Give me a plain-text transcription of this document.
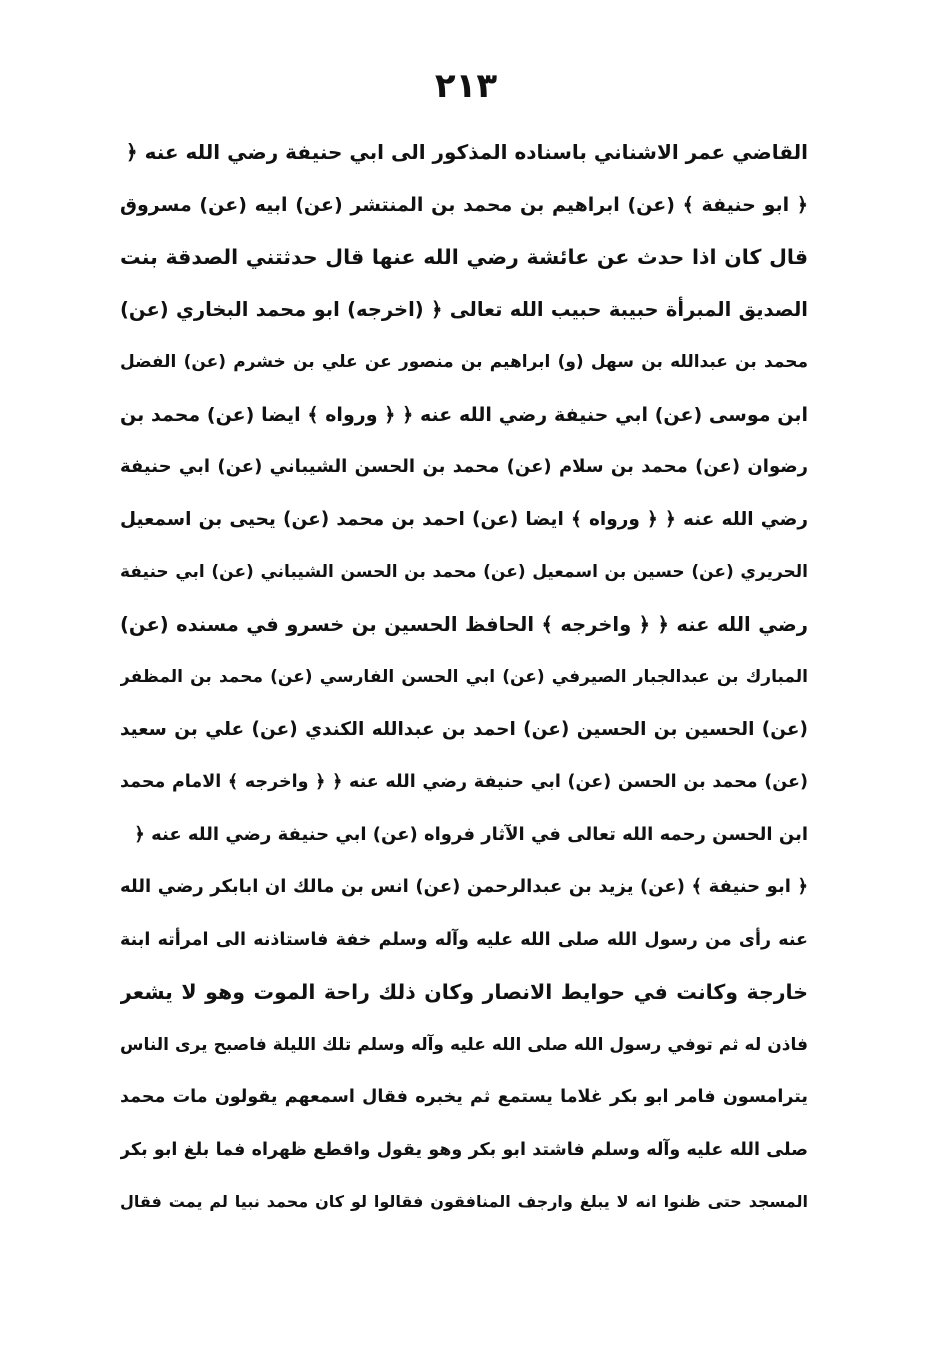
٢١٣
القاضي عمر الاشناني باسناده المذكور الى ابي حنيفة رضي الله عنه ﴿
﴿ ابو حنيفة ﴾ (عن) ابراهيم بن محمد بن المنتشر (عن) ابيه (عن) مسروق
قال كان اذا حدث عن عائشة رضي الله عنها قال حدثتني الصدقة بنت
الصديق المبرأة حبيبة حبيب الله تعالى ﴿ (اخرجه) ابو محمد البخاري (عن)
محمد بن عبدالله بن سهل (و) ابراهيم بن منصور عن علي بن خشرم (عن) الفضل
ابن موسى (عن) ابي حنيفة رضي الله عنه ﴿ ﴿ ورواه ﴾ ايضا (عن) محمد بن
رضوان (عن) محمد بن سلام (عن) محمد بن الحسن الشيباني (عن) ابي حنيفة
رضي الله عنه ﴿ ﴿ ورواه ﴾ ايضا (عن) احمد بن محمد (عن) يحيى بن اسمعيل
الحريري (عن) حسين بن اسمعيل (عن) محمد بن الحسن الشيباني (عن) ابي حنيفة
رضي الله عنه ﴿ ﴿ واخرجه ﴾ الحافظ الحسين بن خسرو في مسنده (عن)
المبارك بن عبدالجبار الصيرفي (عن) ابي الحسن الفارسي (عن) محمد بن المظفر
(عن) الحسين بن الحسين (عن) احمد بن عبدالله الكندي (عن) علي بن سعيد
(عن) محمد بن الحسن (عن) ابي حنيفة رضي الله عنه ﴿ ﴿ واخرجه ﴾ الامام محمد
ابن الحسن رحمه الله تعالى في الآثار فرواه (عن) ابي حنيفة رضي الله عنه ﴿
﴿ ابو حنيفة ﴾ (عن) يزيد بن عبدالرحمن (عن) انس بن مالك ان ابابكر رضي الله
عنه رأى من رسول الله صلى الله عليه وآله وسلم خفة فاستاذنه الى امرأته ابنة
خارجة وكانت في حوايط الانصار وكان ذلك راحة الموت وهو لا يشعر
فاذن له ثم توفي رسول الله صلى الله عليه وآله وسلم تلك الليلة فاصبح يرى الناس
يترامسون فامر ابو بكر غلاما يستمع ثم يخبره فقال اسمعهم يقولون مات محمد
صلى الله عليه وآله وسلم فاشتد ابو بكر وهو يقول واقطع ظهراه فما بلغ ابو بكر
المسجد حتى ظنوا انه لا يبلغ وارجف المنافقون فقالوا لو كان محمد نبيا لم يمت فقال
